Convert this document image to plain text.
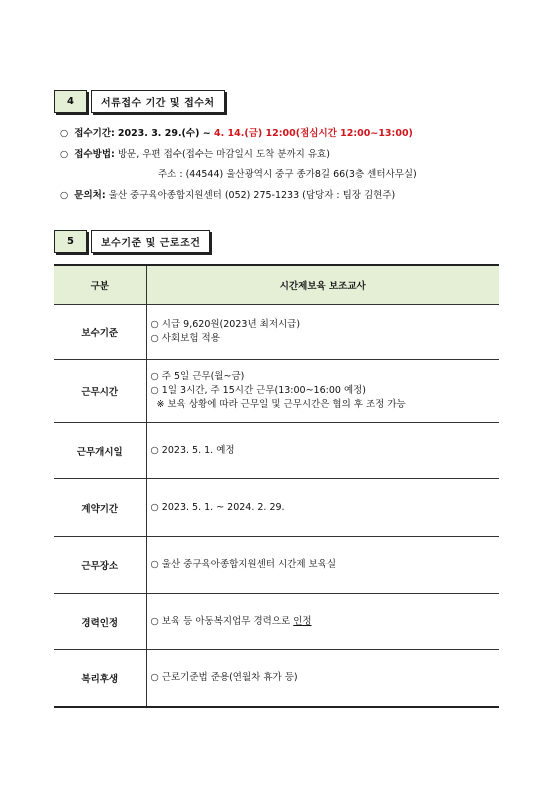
4	서류접수 기간 및 접수처
○ 접수기간: 2023. 3. 29.(수) ~ 4. 14.(금) 12:00(점심시간 12:00~13:00)
○ 접수방법: 방문, 우편 접수(접수는 마감일시 도착 분까지 유효)
주소 : (44544) 울산광역시 중구 종가8길 66(3층 센터사무실)
○ 문의처: 울산 중구육아종합지원센터 (052) 275-1233 (담당자 : 팀장 김현주)
5	보수기준 및 근로조건
구분	시간제보육 보조교사
보수기준	○ 시급 9,620원(2023년 최저시급)
○ 사회보험 적용

근무시간	○ 주 5일 근무(월~금)
○ 1일 3시간, 주 15시간 근무(13:00~16:00 예정)
※ 보육 상황에 따라 근무일 및 근무시간은 협의 후 조정 가능

근무개시일	○ 2023. 5. 1. 예정
계약기간	○ 2023. 5. 1. ~ 2024. 2. 29.
근무장소	○ 울산 중구육아종합지원센터 시간제 보육실
경력인정	○ 보육 등 아동복지업무 경력으로 인정
복리후생	○ 근로기준법 준용(연월차 휴가 등)
